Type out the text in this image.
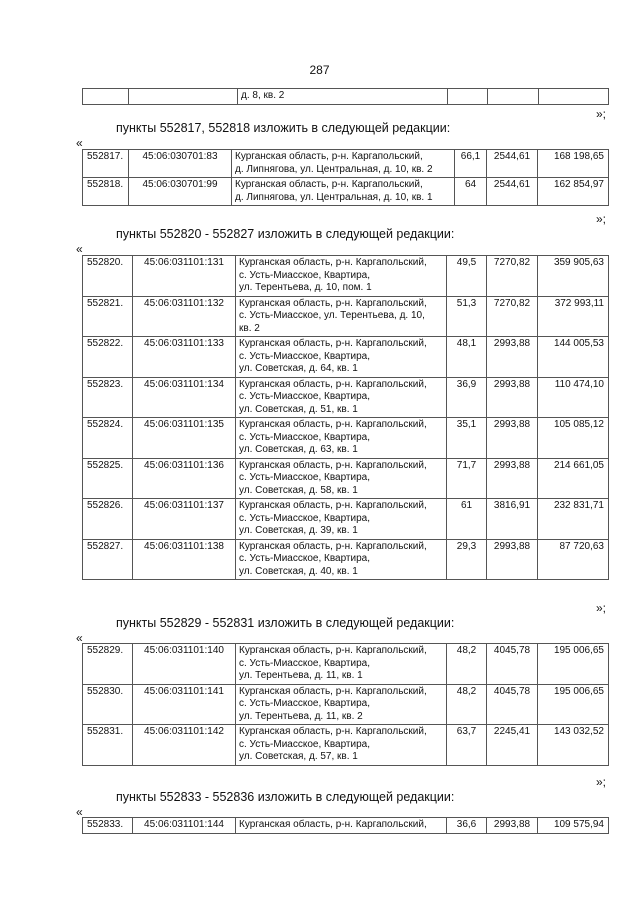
287
		д. 8, кв. 2			
»;
пункты 552817, 552818 изложить в следующей редакции:
«
552817.	45:06:030701:83	Курганская область, р-н. Каргапольский,
д. Липнягова, ул. Центральная, д. 10, кв. 2	66,1	2544,61	168 198,65
552818.	45:06:030701:99	Курганская область, р-н. Каргапольский,
д. Липнягова, ул. Центральная, д. 10, кв. 1	64	2544,61	162 854,97
»;
пункты 552820 - 552827 изложить в следующей редакции:
«
552820.	45:06:031101:131	Курганская область, р-н. Каргапольский,
с. Усть-Миасское, Квартира,
ул. Терентьева, д. 10, пом. 1	49,5	7270,82	359 905,63
552821.	45:06:031101:132	Курганская область, р-н. Каргапольский,
с. Усть-Миасское, ул. Терентьева, д. 10,
кв. 2	51,3	7270,82	372 993,11
552822.	45:06:031101:133	Курганская область, р-н. Каргапольский,
с. Усть-Миасское, Квартира,
ул. Советская, д. 64, кв. 1	48,1	2993,88	144 005,53
552823.	45:06:031101:134	Курганская область, р-н. Каргапольский,
с. Усть-Миасское, Квартира,
ул. Советская, д. 51, кв. 1	36,9	2993,88	110 474,10
552824.	45:06:031101:135	Курганская область, р-н. Каргапольский,
с. Усть-Миасское, Квартира,
ул. Советская, д. 63, кв. 1	35,1	2993,88	105 085,12
552825.	45:06:031101:136	Курганская область, р-н. Каргапольский,
с. Усть-Миасское, Квартира,
ул. Советская, д. 58, кв. 1	71,7	2993,88	214 661,05
552826.	45:06:031101:137	Курганская область, р-н. Каргапольский,
с. Усть-Миасское, Квартира,
ул. Советская, д. 39, кв. 1	61	3816,91	232 831,71
552827.	45:06:031101:138	Курганская область, р-н. Каргапольский,
с. Усть-Миасское, Квартира,
ул. Советская, д. 40, кв. 1	29,3	2993,88	87 720,63
»;
пункты 552829 - 552831 изложить в следующей редакции:
«
552829.	45:06:031101:140	Курганская область, р-н. Каргапольский,
с. Усть-Миасское, Квартира,
ул. Терентьева, д. 11, кв. 1	48,2	4045,78	195 006,65
552830.	45:06:031101:141	Курганская область, р-н. Каргапольский,
с. Усть-Миасское, Квартира,
ул. Терентьева, д. 11, кв. 2	48,2	4045,78	195 006,65
552831.	45:06:031101:142	Курганская область, р-н. Каргапольский,
с. Усть-Миасское, Квартира,
ул. Советская, д. 57, кв. 1	63,7	2245,41	143 032,52
»;
пункты 552833 - 552836 изложить в следующей редакции:
«
552833.	45:06:031101:144	Курганская область, р-н. Каргапольский,	36,6	2993,88	109 575,94
